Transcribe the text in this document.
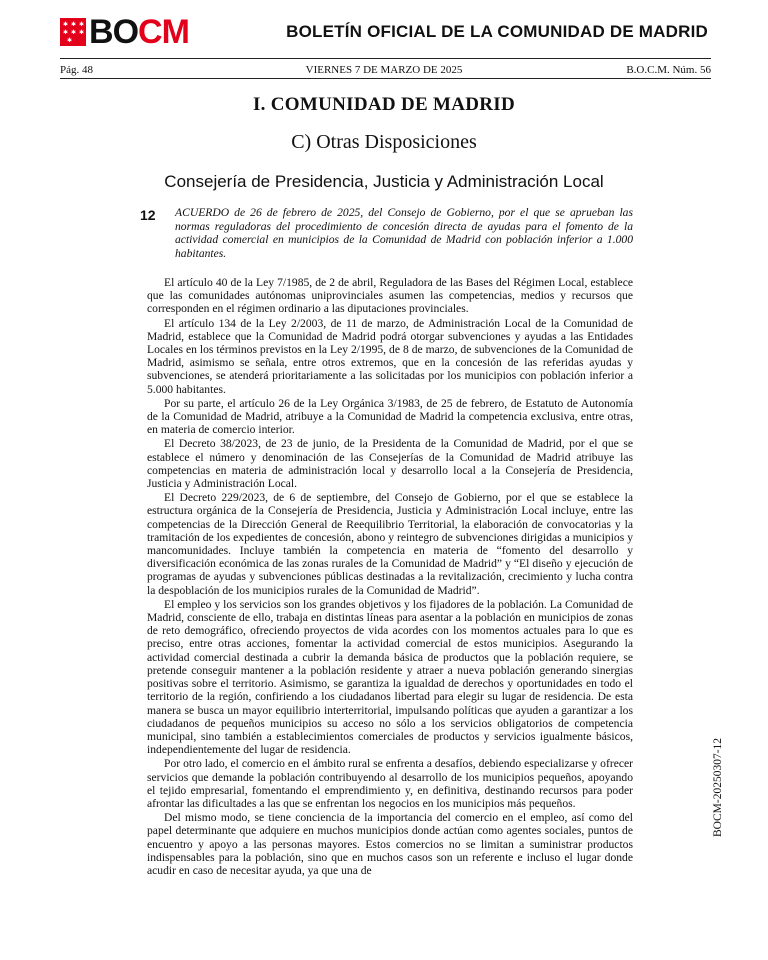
✱ ✱ ✱
✱ ✱ ✱
✱ BOCM	BOLETÍN OFICIAL DE LA COMUNIDAD DE MADRID
Pág. 48	VIERNES 7 DE MARZO DE 2025	B.O.C.M. Núm. 56
I. COMUNIDAD DE MADRID
C) Otras Disposiciones
Consejería de Presidencia, Justicia y Administración Local
12 ACUERDO de 26 de febrero de 2025, del Consejo de Gobierno, por el que se aprueban las normas reguladoras del procedimiento de concesión directa de ayudas para el fomento de la actividad comercial en municipios de la Comunidad de Madrid con población inferior a 1.000 habitantes.

El artículo 40 de la Ley 7/1985, de 2 de abril, Reguladora de las Bases del Régimen Local, establece que las comunidades autónomas uniprovinciales asumen las competencias, medios y recursos que corresponden en el régimen ordinario a las diputaciones provinciales.

El artículo 134 de la Ley 2/2003, de 11 de marzo, de Administración Local de la Comunidad de Madrid, establece que la Comunidad de Madrid podrá otorgar subvenciones y ayudas a las Entidades Locales en los términos previstos en la Ley 2/1995, de 8 de marzo, de subvenciones de la Comunidad de Madrid, asimismo se señala, entre otros extremos, que en la concesión de las referidas ayudas y subvenciones, se atenderá prioritariamente a las solicitadas por los municipios con población inferior a 5.000 habitantes.

Por su parte, el artículo 26 de la Ley Orgánica 3/1983, de 25 de febrero, de Estatuto de Autonomía de la Comunidad de Madrid, atribuye a la Comunidad de Madrid la competencia exclusiva, entre otras, en materia de comercio interior.

El Decreto 38/2023, de 23 de junio, de la Presidenta de la Comunidad de Madrid, por el que se establece el número y denominación de las Consejerías de la Comunidad de Madrid atribuye las competencias en materia de administración local y desarrollo local a la Consejería de Presidencia, Justicia y Administración Local.

El Decreto 229/2023, de 6 de septiembre, del Consejo de Gobierno, por el que se establece la estructura orgánica de la Consejería de Presidencia, Justicia y Administración Local incluye, entre las competencias de la Dirección General de Reequilibrio Territorial, la elaboración de convocatorias y la tramitación de los expedientes de concesión, abono y reintegro de subvenciones dirigidas a municipios y mancomunidades. Incluye también la competencia en materia de “fomento del desarrollo y diversificación económica de las zonas rurales de la Comunidad de Madrid” y “El diseño y ejecución de programas de ayudas y subvenciones públicas destinadas a la revitalización, crecimiento y lucha contra la despoblación de los municipios rurales de la Comunidad de Madrid”.

El empleo y los servicios son los grandes objetivos y los fijadores de la población. La Comunidad de Madrid, consciente de ello, trabaja en distintas líneas para asentar a la población en municipios de zonas de reto demográfico, ofreciendo proyectos de vida acordes con los momentos actuales para lo que es preciso, entre otras acciones, fomentar la actividad comercial de estos municipios. Asegurando la actividad comercial destinada a cubrir la demanda básica de productos que la población requiere, se pretende conseguir mantener a la población residente y atraer a nueva población generando sinergias positivas sobre el territorio. Asimismo, se garantiza la igualdad de derechos y oportunidades en todo el territorio de la región, confiriendo a los ciudadanos libertad para elegir su lugar de residencia. De esta manera se busca un mayor equilibrio interterritorial, impulsando políticas que ayuden a garantizar a los ciudadanos de pequeños municipios su acceso no sólo a los servicios obligatorios de competencia municipal, sino también a establecimientos comerciales de productos y servicios igualmente básicos, independientemente del lugar de residencia.

Por otro lado, el comercio en el ámbito rural se enfrenta a desafíos, debiendo especializarse y ofrecer servicios que demande la población contribuyendo al desarrollo de los municipios pequeños, apoyando el tejido empresarial, fomentando el emprendimiento y, en definitiva, destinando recursos para poder afrontar las dificultades a las que se enfrentan los negocios en los municipios más pequeños.

Del mismo modo, se tiene conciencia de la importancia del comercio en el empleo, así como del papel determinante que adquiere en muchos municipios donde actúan como agentes sociales, puntos de encuentro y apoyo a las personas mayores. Estos comercios no se limitan a suministrar productos indispensables para la población, sino que en muchos casos son un referente e incluso el lugar donde acudir en caso de necesitar ayuda, ya que una de

BOCM-20250307-12
